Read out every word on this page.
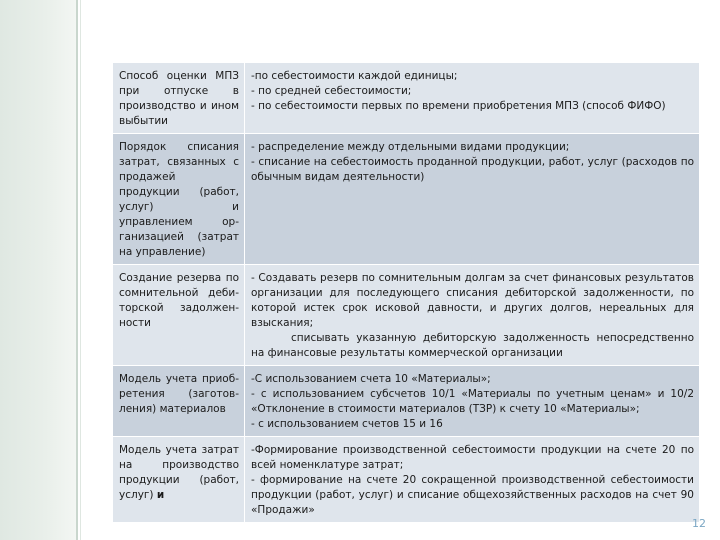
Способ оценки МПЗ при отпуске в производство и ином выбытии	-по себестоимости каждой единицы;
- по средней себестоимости;
- по себестоимости первых по времени приобретения МПЗ (способ ФИФО)

Порядок списания затрат, связанных с продажей продукции (работ, услуг) и управлением ор-ганизацией (затрат на управление)	- распределение между отдельными видами продукции;
- списание на себестоимость проданной продукции, работ, услуг (расходов по обычным видам деятельности)

Создание резерва по сомнительной деби-торской задолжен-ности	- Создавать резерв по сомнительным долгам за счет финансовых результатов организации для последующего списания дебиторской задолженности, по которой истек срок исковой давности, и других долгов, нереальных для взыскания;
списывать указанную дебиторскую задолженность непосредственно на финансовые результаты коммерческой организации

Модель учета приоб-ретения (заготов-ления) материалов	-С использованием счета 10 «Материалы»;
- с использованием субсчетов 10/1 «Материалы по учетным ценам» и 10/2 «Отклонение в стоимости материалов (ТЗР) к счету 10 «Материалы»;
- с использованием счетов 15 и 16

Модель учета затрат на производство продукции (работ, услуг) и	-Формирование производственной себестоимости продукции на счете 20 по всей номенклатуре затрат;
- формирование на счете 20 сокращенной производственной себестоимости продукции (работ, услуг) и списание общехозяйственных расходов на счет 90 «Продажи»
12
